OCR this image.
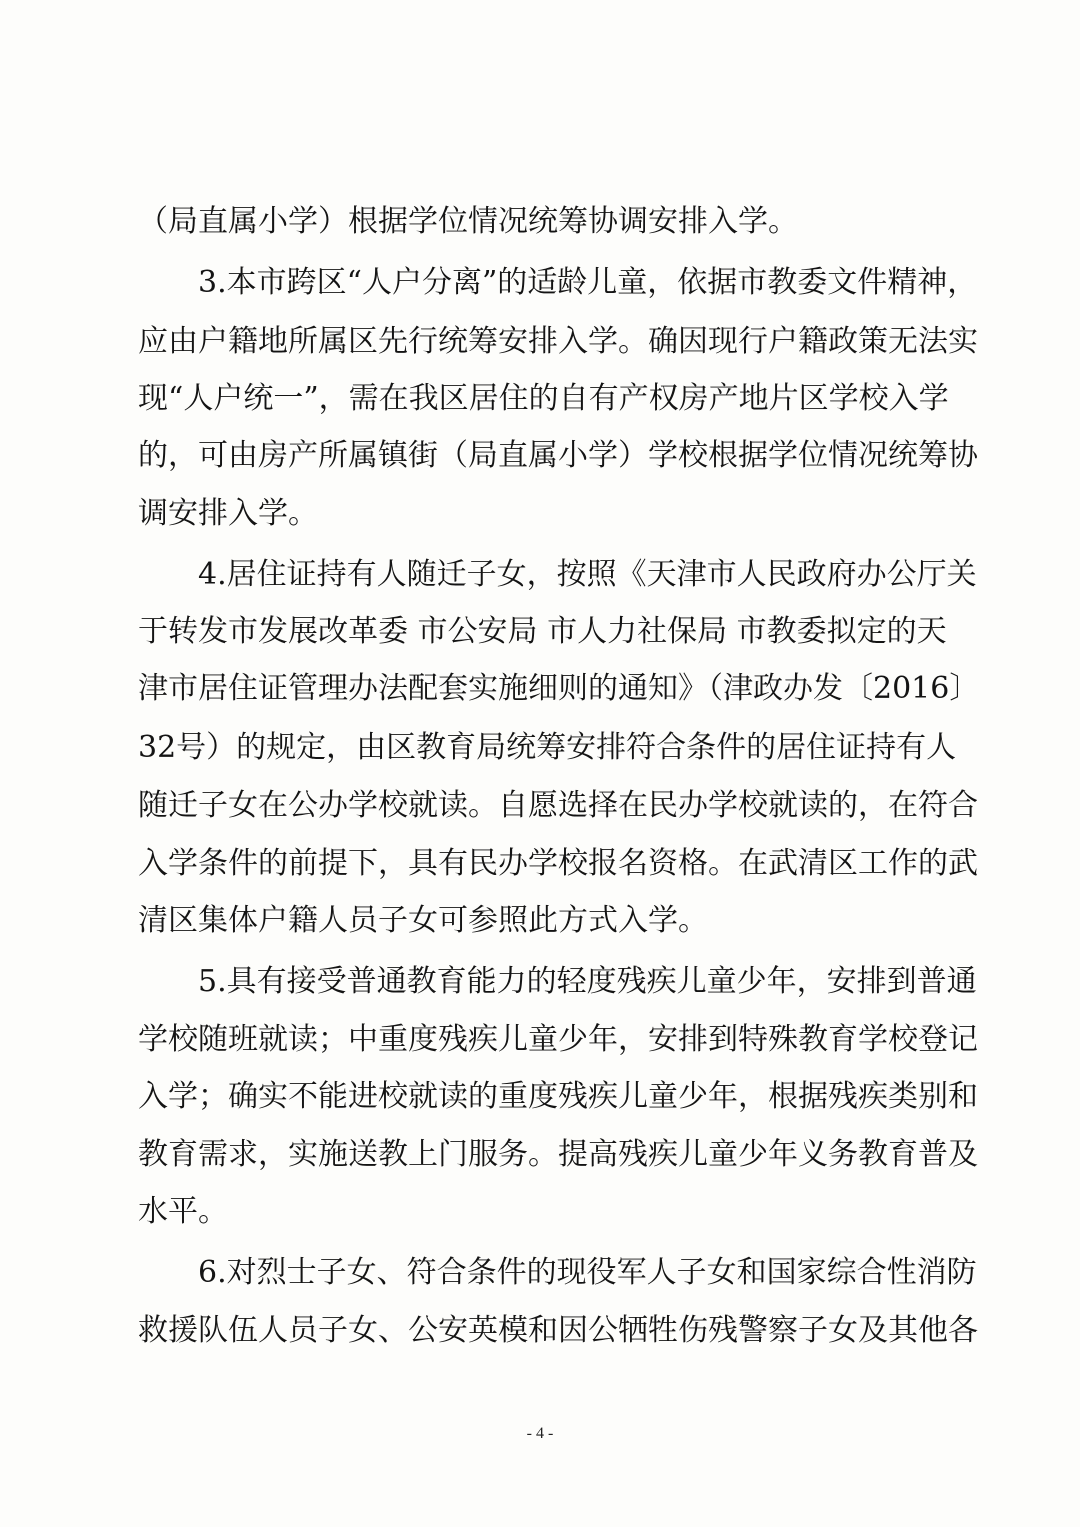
（局直属小学）根据学位情况统筹协调安排入学。

3.本市跨区“人户分离”的适龄儿童，依据市教委文件精神，

应由户籍地所属区先行统筹安排入学。确因现行户籍政策无法实

现“人户统一”，需在我区居住的自有产权房产地片区学校入学

的，可由房产所属镇街（局直属小学）学校根据学位情况统筹协

调安排入学。

4.居住证持有人随迁子女，按照《天津市人民政府办公厅关

于转发市发展改革委 市公安局 市人力社保局 市教委拟定的天

津市居住证管理办法配套实施细则的通知》（津政办发〔2016〕

32号）的规定，由区教育局统筹安排符合条件的居住证持有人

随迁子女在公办学校就读。自愿选择在民办学校就读的，在符合

入学条件的前提下，具有民办学校报名资格。在武清区工作的武

清区集体户籍人员子女可参照此方式入学。

5.具有接受普通教育能力的轻度残疾儿童少年，安排到普通

学校随班就读；中重度残疾儿童少年，安排到特殊教育学校登记

入学；确实不能进校就读的重度残疾儿童少年，根据残疾类别和

教育需求，实施送教上门服务。提高残疾儿童少年义务教育普及

水平。

6.对烈士子女、符合条件的现役军人子女和国家综合性消防

救援队伍人员子女、公安英模和因公牺牲伤残警察子女及其他各

- 4 -
